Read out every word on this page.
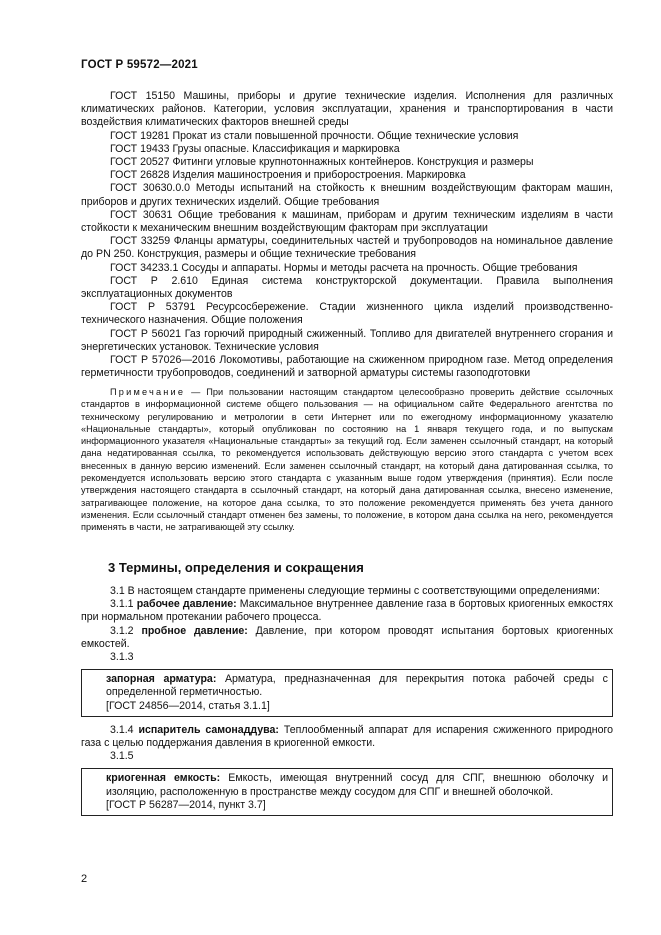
ГОСТ Р 59572—2021

ГОСТ 15150 Машины, приборы и другие технические изделия. Исполнения для различных климатических районов. Категории, условия эксплуатации, хранения и транспортирования в части воздействия климатических факторов внешней среды

ГОСТ 19281 Прокат из стали повышенной прочности. Общие технические условия

ГОСТ 19433 Грузы опасные. Классификация и маркировка

ГОСТ 20527 Фитинги угловые крупнотоннажных контейнеров. Конструкция и размеры

ГОСТ 26828 Изделия машиностроения и приборостроения. Маркировка

ГОСТ 30630.0.0 Методы испытаний на стойкость к внешним воздействующим факторам машин, приборов и других технических изделий. Общие требования

ГОСТ 30631 Общие требования к машинам, приборам и другим техническим изделиям в части стойкости к механическим внешним воздействующим факторам при эксплуатации

ГОСТ 33259 Фланцы арматуры, соединительных частей и трубопроводов на номинальное давление до PN 250. Конструкция, размеры и общие технические требования

ГОСТ 34233.1 Сосуды и аппараты. Нормы и методы расчета на прочность. Общие требования

ГОСТ Р 2.610 Единая система конструкторской документации. Правила выполнения эксплуатационных документов

ГОСТ Р 53791 Ресурсосбережение. Стадии жизненного цикла изделий производственно-технического назначения. Общие положения

ГОСТ Р 56021 Газ горючий природный сжиженный. Топливо для двигателей внутреннего сгорания и энергетических установок. Технические условия

ГОСТ Р 57026—2016 Локомотивы, работающие на сжиженном природном газе. Метод определения герметичности трубопроводов, соединений и затворной арматуры системы газоподготовки

Примечание — При пользовании настоящим стандартом целесообразно проверить действие ссылочных стандартов в информационной системе общего пользования — на официальном сайте Федерального агентства по техническому регулированию и метрологии в сети Интернет или по ежегодному информационному указателю «Национальные стандарты», который опубликован по состоянию на 1 января текущего года, и по выпускам информационного указателя «Национальные стандарты» за текущий год. Если заменен ссылочный стандарт, на который дана недатированная ссылка, то рекомендуется использовать действующую версию этого стандарта с учетом всех внесенных в данную версию изменений. Если заменен ссылочный стандарт, на который дана датированная ссылка, то рекомендуется использовать версию этого стандарта с указанным выше годом утверждения (принятия). Если после утверждения настоящего стандарта в ссылочный стандарт, на который дана датированная ссылка, внесено изменение, затрагивающее положение, на которое дана ссылка, то это положение рекомендуется применять без учета данного изменения. Если ссылочный стандарт отменен без замены, то положение, в котором дана ссылка на него, рекомендуется применять в части, не затрагивающей эту ссылку.
3 Термины, определения и сокращения

3.1 В настоящем стандарте применены следующие термины с соответствующими определениями:

3.1.1 рабочее давление: Максимальное внутреннее давление газа в бортовых криогенных емкостях при нормальном протекании рабочего процесса.

3.1.2 пробное давление: Давление, при котором проводят испытания бортовых криогенных емкостей.

3.1.3

запорная арматура: Арматура, предназначенная для перекрытия потока рабочей среды с определенной герметичностью.

[ГОСТ 24856—2014, статья 3.1.1]

3.1.4 испаритель самонаддува: Теплообменный аппарат для испарения сжиженного природного газа с целью поддержания давления в криогенной емкости.

3.1.5

криогенная емкость: Емкость, имеющая внутренний сосуд для СПГ, внешнюю оболочку и изоляцию, расположенную в пространстве между сосудом для СПГ и внешней оболочкой.

[ГОСТ Р 56287—2014, пункт 3.7]

2
